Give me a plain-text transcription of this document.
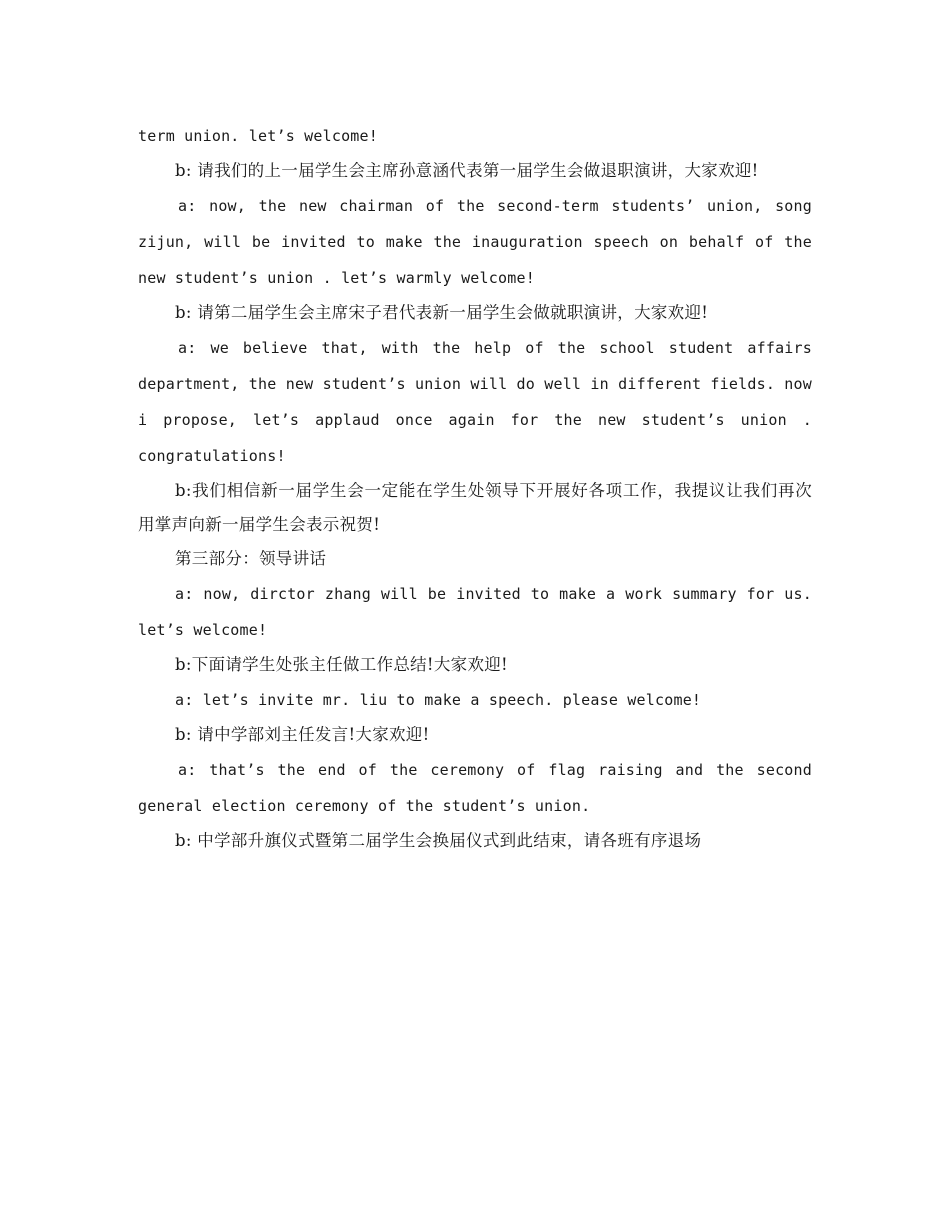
term union. let’s welcome!

b: 请我们的上一届学生会主席孙意涵代表第一届学生会做退职演讲，大家欢迎!

a: now, the new chairman of the second-term students’ union, song zijun, will be invited to make the inauguration speech on behalf of the new student’s union . let’s warmly welcome!

b: 请第二届学生会主席宋子君代表新一届学生会做就职演讲，大家欢迎!

a: we believe that, with the help of the school student affairs department, the new student’s union will do well in different fields. now i propose, let’s applaud once again for the new student’s union . congratulations!

b:我们相信新一届学生会一定能在学生处领导下开展好各项工作，我提议让我们再次用掌声向新一届学生会表示祝贺!

第三部分：领导讲话

a: now, dirctor zhang will be invited to make a work summary for us. let’s welcome!

b:下面请学生处张主任做工作总结!大家欢迎!

a: let’s invite mr. liu to make a speech. please welcome!

b: 请中学部刘主任发言!大家欢迎!

a: that’s the end of the ceremony of flag raising and the second general election ceremony of the student’s union.

b: 中学部升旗仪式暨第二届学生会换届仪式到此结束，请各班有序退场
